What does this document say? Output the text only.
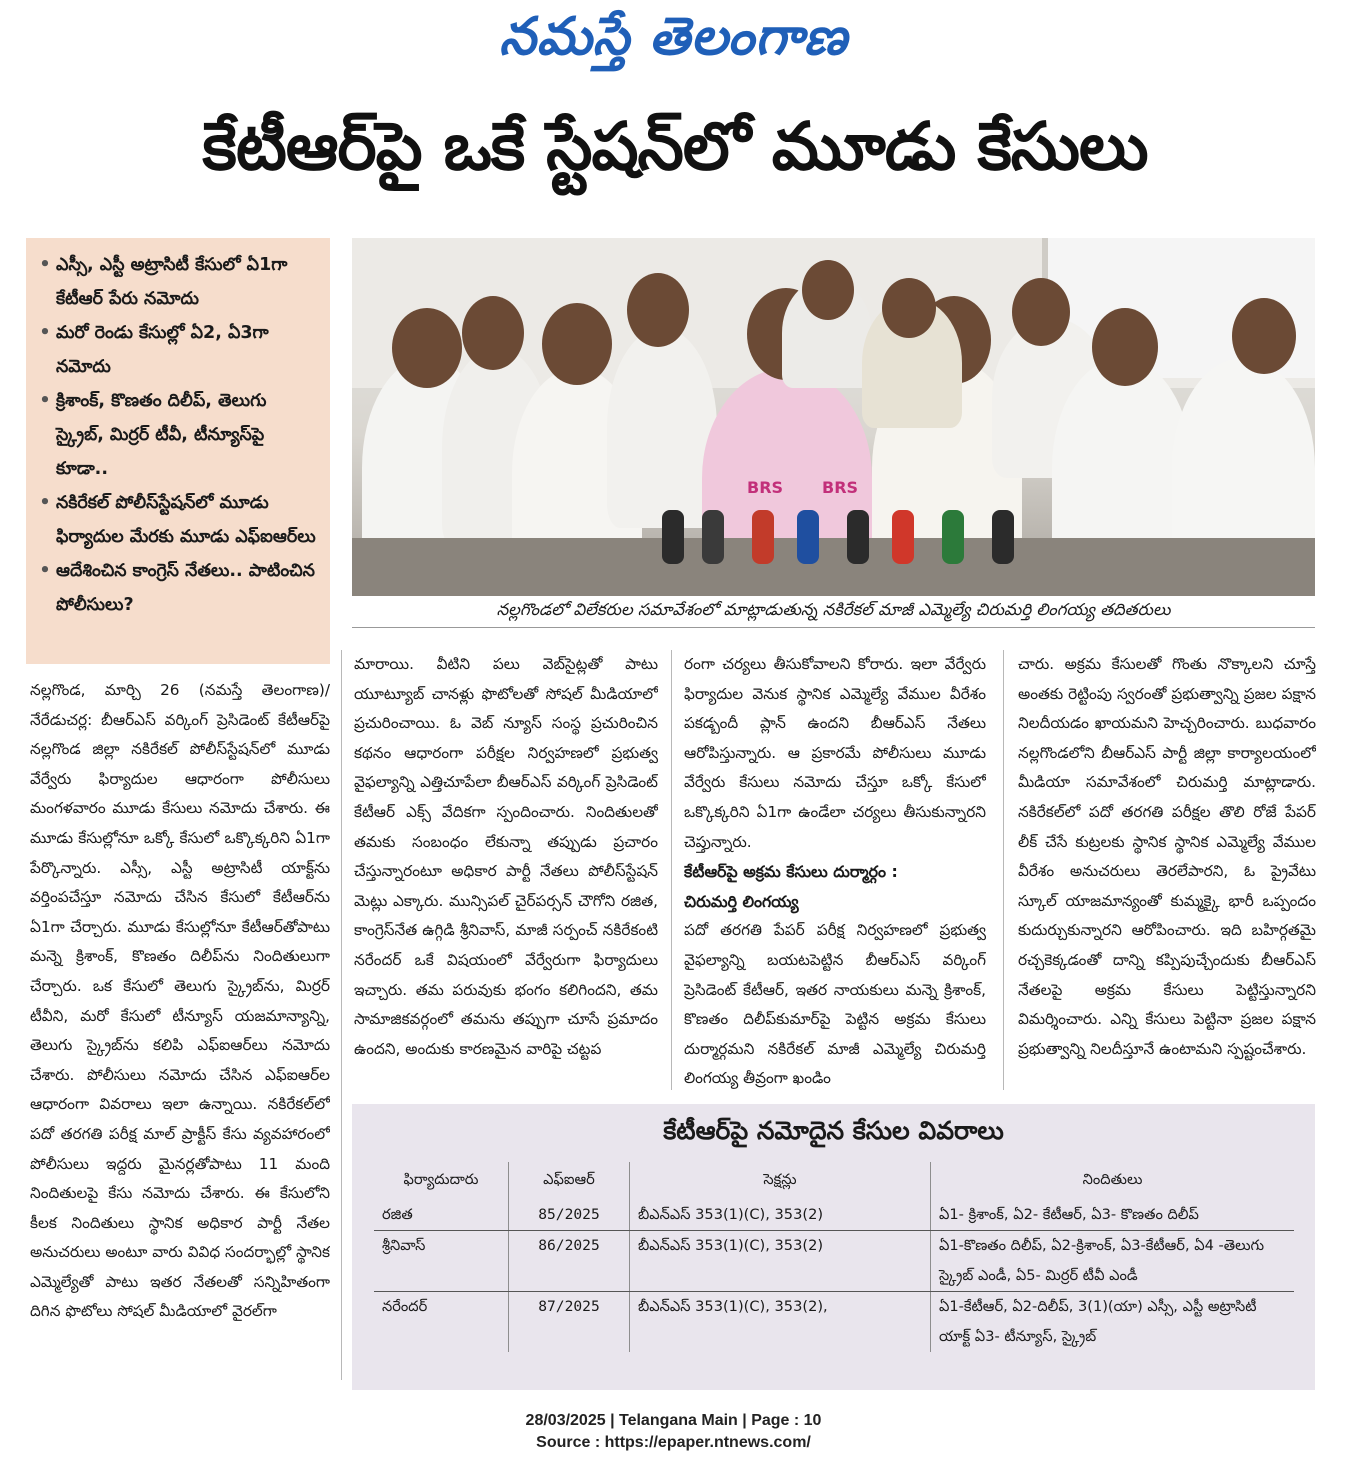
నమస్తే తెలంగాణ
కేటీఆర్‌పై ఒకే స్టేషన్‌లో మూడు కేసులు
• ఎస్సీ, ఎస్టీ అట్రాసిటీ కేసులో ఏ1గా కేటీఆర్‌ పేరు నమోదు
• మరో రెండు కేసుల్లో ఏ2, ఏ3గా నమోదు
• క్రిశాంక్‌, కొణతం దిలీప్‌, తెలుగు స్క్రైబ్‌, మిర్రర్‌ టీవీ, టీన్యూస్‌పై కూడా..
• నకిరేకల్‌ పోలీస్‌స్టేషన్‌లో మూడు ఫిర్యాదుల మేరకు మూడు ఎఫ్‌ఐఆర్‌లు
• ఆదేశించిన కాంగ్రెస్‌ నేతలు.. పాటించిన పోలీసులు?
BRS BRS
నల్లగొండలో విలేకరుల సమావేశంలో మాట్లాడుతున్న నకిరేకల్‌ మాజీ ఎమ్మెల్యే చిరుమర్తి లింగయ్య తదితరులు

నల్లగొండ, మార్చి 26 (నమస్తే తెలంగాణ)/నేరేడుచర్ల: బీఆర్‌ఎస్‌ వర్కింగ్‌ ప్రెసిడెంట్‌ కేటీఆర్‌పై నల్లగొండ జిల్లా నకిరేకల్‌ పోలీస్‌స్టేషన్‌లో మూడు వేర్వేరు ఫిర్యాదుల ఆధారంగా పోలీసులు మంగళవారం మూడు కేసులు నమోదు చేశారు. ఈ మూడు కేసుల్లోనూ ఒక్కో కేసులో ఒక్కొక్కరిని ఏ1గా పేర్కొన్నారు. ఎస్సీ, ఎస్టీ అట్రాసిటీ యాక్ట్‌ను వర్తింపచేస్తూ నమోదు చేసిన కేసులో కేటీఆర్‌ను ఏ1గా చేర్చారు. మూడు కేసుల్లోనూ కేటీఆర్‌తోపాటు మన్నె క్రిశాంక్‌, కొణతం దిలీప్‌ను నిందితులుగా చేర్చారు. ఒక కేసులో తెలుగు స్క్రైబ్‌ను, మిర్రర్‌ టీవీని, మరో కేసులో టీన్యూస్‌ యజమాన్యాన్ని, తెలుగు స్క్రైబ్‌ను కలిపి ఎఫ్‌ఐఆర్‌లు నమోదు చేశారు. పోలీసులు నమోదు చేసిన ఎఫ్‌ఐఆర్‌ల ఆధారంగా వివరాలు ఇలా ఉన్నాయి. నకిరేకల్‌లో పదో తరగతి పరీక్ష మాల్‌ ప్రాక్టీస్‌ కేసు వ్యవహారంలో పోలీసులు ఇద్దరు మైనర్లతోపాటు 11 మంది నిందితులపై కేసు నమోదు చేశారు. ఈ కేసులోని కీలక నిందితులు స్థానిక అధికార పార్టీ నేతల అనుచరులు అంటూ వారు వివిధ సందర్భాల్లో స్థానిక ఎమ్మెల్యేతో పాటు ఇతర నేతలతో సన్నిహితంగా దిగిన ఫొటోలు సోషల్‌ మీడియాలో వైరల్‌గా

మారాయి. వీటిని పలు వెబ్‌సైట్లతో పాటు యూట్యూబ్‌ చానళ్లు ఫొటోలతో సోషల్‌ మీడియాలో ప్రచురించాయి. ఓ వెబ్‌ న్యూస్‌ సంస్థ ప్రచురించిన కథనం ఆధారంగా పరీక్షల నిర్వహణలో ప్రభుత్వ వైఫల్యాన్ని ఎత్తిచూపేలా బీఆర్‌ఎస్‌ వర్కింగ్‌ ప్రెసిడెంట్‌ కేటీఆర్‌ ఎక్స్‌ వేదికగా స్పందించారు. నిందితులతో తమకు సంబంధం లేకున్నా తప్పుడు ప్రచారం చేస్తున్నారంటూ అధికార పార్టీ నేతలు పోలీస్‌స్టేషన్‌ మెట్లు ఎక్కారు. మున్సిపల్‌ చైర్‌పర్సన్‌ చౌగోని రజిత, కాంగ్రెస్‌నేత ఉగ్గిడి శ్రీనివాస్‌, మాజీ సర్పంచ్‌ నకిరేకంటి నరేందర్‌ ఒకే విషయంలో వేర్వేరుగా ఫిర్యాదులు ఇచ్చారు. తమ పరువుకు భంగం కలిగిందని, తమ సామాజికవర్గంలో తమను తప్పుగా చూసే ప్రమాదం ఉందని, అందుకు కారణమైన వారిపై చట్టప

రంగా చర్యలు తీసుకోవాలని కోరారు. ఇలా వేర్వేరు ఫిర్యాదుల వెనుక స్థానిక ఎమ్మెల్యే వేముల వీరేశం పకడ్బందీ ప్లాన్‌ ఉందని బీఆర్‌ఎస్‌ నేతలు ఆరోపిస్తున్నారు. ఆ ప్రకారమే పోలీసులు మూడు వేర్వేరు కేసులు నమోదు చేస్తూ ఒక్కో కేసులో ఒక్కొక్కరిని ఏ1గా ఉండేలా చర్యలు తీసుకున్నారని చెప్తున్నారు.

కేటీఆర్‌పై అక్రమ కేసులు దుర్మార్గం :

చిరుమర్తి లింగయ్య

పదో తరగతి పేపర్‌ పరీక్ష నిర్వహణలో ప్రభుత్వ వైఫల్యాన్ని బయటపెట్టిన బీఆర్‌ఎస్‌ వర్కింగ్‌ ప్రెసిడెంట్‌ కేటీఆర్‌, ఇతర నాయకులు మన్నె క్రిశాంక్‌, కొణతం దిలీప్‌కుమార్‌పై పెట్టిన అక్రమ కేసులు దుర్మార్గమని నకిరేకల్‌ మాజీ ఎమ్మెల్యే చిరుమర్తి లింగయ్య తీవ్రంగా ఖండిం

చారు. అక్రమ కేసులతో గొంతు నొక్కాలని చూస్తే అంతకు రెట్టింపు స్వరంతో ప్రభుత్వాన్ని ప్రజల పక్షాన నిలదీయడం ఖాయమని హెచ్చరించారు. బుధవారం నల్లగొండలోని బీఆర్‌ఎస్‌ పార్టీ జిల్లా కార్యాలయంలో మీడియా సమావేశంలో చిరుమర్తి మాట్లాడారు. నకిరేకల్‌లో పదో తరగతి పరీక్షల తొలి రోజే పేపర్‌ లీక్‌ చేసే కుట్రలకు స్థానిక స్థానిక ఎమ్మెల్యే వేముల వీరేశం అనుచరులు తెరలేపారని, ఓ ప్రైవేటు స్కూల్‌ యాజమాన్యంతో కుమ్మక్కై భారీ ఒప్పందం కుదుర్చుకున్నారని ఆరోపించారు. ఇది బహిర్గతమై రచ్చకెక్కడంతో దాన్ని కప్పిపుచ్చేందుకు బీఆర్‌ఎస్‌ నేతలపై అక్రమ కేసులు పెట్టిస్తున్నారని విమర్శించారు. ఎన్ని కేసులు పెట్టినా ప్రజల పక్షాన ప్రభుత్వాన్ని నిలదీస్తూనే ఉంటామని స్పష్టంచేశారు.

కేటీఆర్‌పై నమోదైన కేసుల వివరాలు
ఫిర్యాదుదారు	ఎఫ్‌ఐఆర్‌	సెక్షన్లు	నిందితులు
రజిత	85/2025	బీఎన్‌ఎస్‌ 353(1)(C), 353(2)	ఏ1- క్రిశాంక్‌, ఏ2- కేటీఆర్‌, ఏ3- కొణతం దిలీప్‌
శ్రీనివాస్‌	86/2025	బీఎన్‌ఎస్‌ 353(1)(C), 353(2)	ఏ1-కొణతం దిలీప్‌, ఏ2-క్రిశాంక్‌, ఏ3-కేటీఆర్‌, ఏ4 -తెలుగు స్క్రైబ్‌ ఎండీ, ఏ5- మిర్రర్‌ టీవీ ఎండీ
నరేందర్‌	87/2025	బీఎన్‌ఎస్‌ 353(1)(C), 353(2),	ఏ1-కేటీఆర్‌, ఏ2-దిలీప్‌, 3(1)(యా) ఎస్సీ, ఎస్టీ అట్రాసిటీ యాక్ట్‌ ఏ3- టీన్యూస్‌, స్క్రైబ్‌
28/03/2025 | Telangana Main | Page : 10
Source : https://epaper.ntnews.com/
